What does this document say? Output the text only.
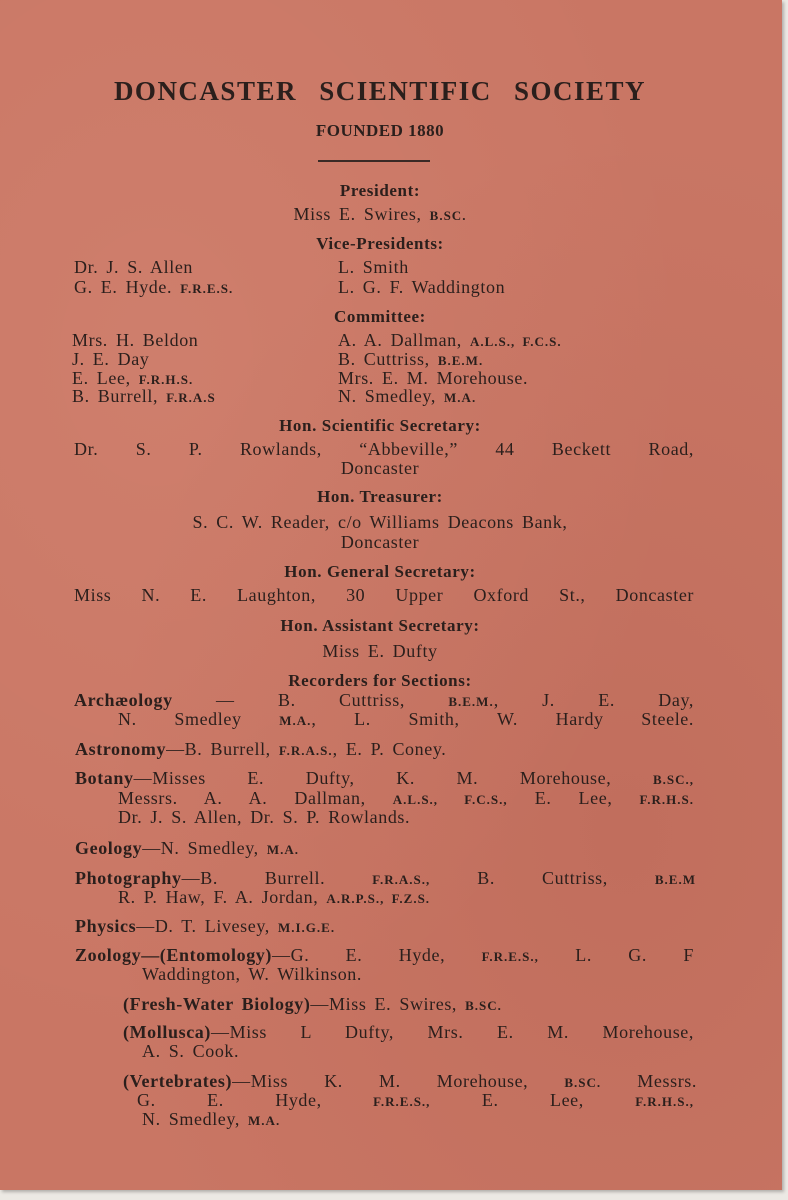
DONCASTER SCIENTIFIC SOCIETY
FOUNDED 1880
President:
Miss E. Swires, B.SC.
Vice-Presidents:
Dr. J. S. Allen	L. Smith
G. E. Hyde. F.R.E.S.	L. G. F. Waddington
Committee:
Mrs. H. Beldon	A. A. Dallman, A.L.S., F.C.S.
J. E. Day	B. Cuttriss, B.E.M.
E. Lee, F.R.H.S.	Mrs. E. M. Morehouse.
B. Burrell, F.R.A.S	N. Smedley, M.A.
Hon. Scientific Secretary:
Dr. S. P. Rowlands, “Abbeville,” 44 Beckett Road,
Doncaster
Hon. Treasurer:
S. C. W. Reader, c/o Williams Deacons Bank,
Doncaster
Hon. General Secretary:
Miss N. E. Laughton, 30 Upper Oxford St., Doncaster
Hon. Assistant Secretary:
Miss E. Dufty
Recorders for Sections:
Archæology — B. Cuttriss, B.E.M., J. E. Day,
N. Smedley M.A., L. Smith, W. Hardy Steele.
Astronomy—B. Burrell, F.R.A.S., E. P. Coney.
Botany—Misses E. Dufty, K. M. Morehouse, B.SC.,
Messrs. A. A. Dallman, A.L.S., F.C.S., E. Lee, F.R.H.S.
Dr. J. S. Allen, Dr. S. P. Rowlands.
Geology—N. Smedley, M.A.
Photography—B. Burrell. F.R.A.S., B. Cuttriss, B.E.M
R. P. Haw, F. A. Jordan, A.R.P.S., F.Z.S.
Physics—D. T. Livesey, M.I.G.E.
Zoology—(Entomology)—G. E. Hyde, F.R.E.S., L. G. F
Waddington, W. Wilkinson.
(Fresh-Water Biology)—Miss E. Swires, B.SC.
(Mollusca)—Miss L Dufty, Mrs. E. M. Morehouse,
A. S. Cook.
(Vertebrates)—Miss K. M. Morehouse, B.SC. Messrs.
G. E. Hyde, F.R.E.S., E. Lee, F.R.H.S.,
N. Smedley, M.A.
